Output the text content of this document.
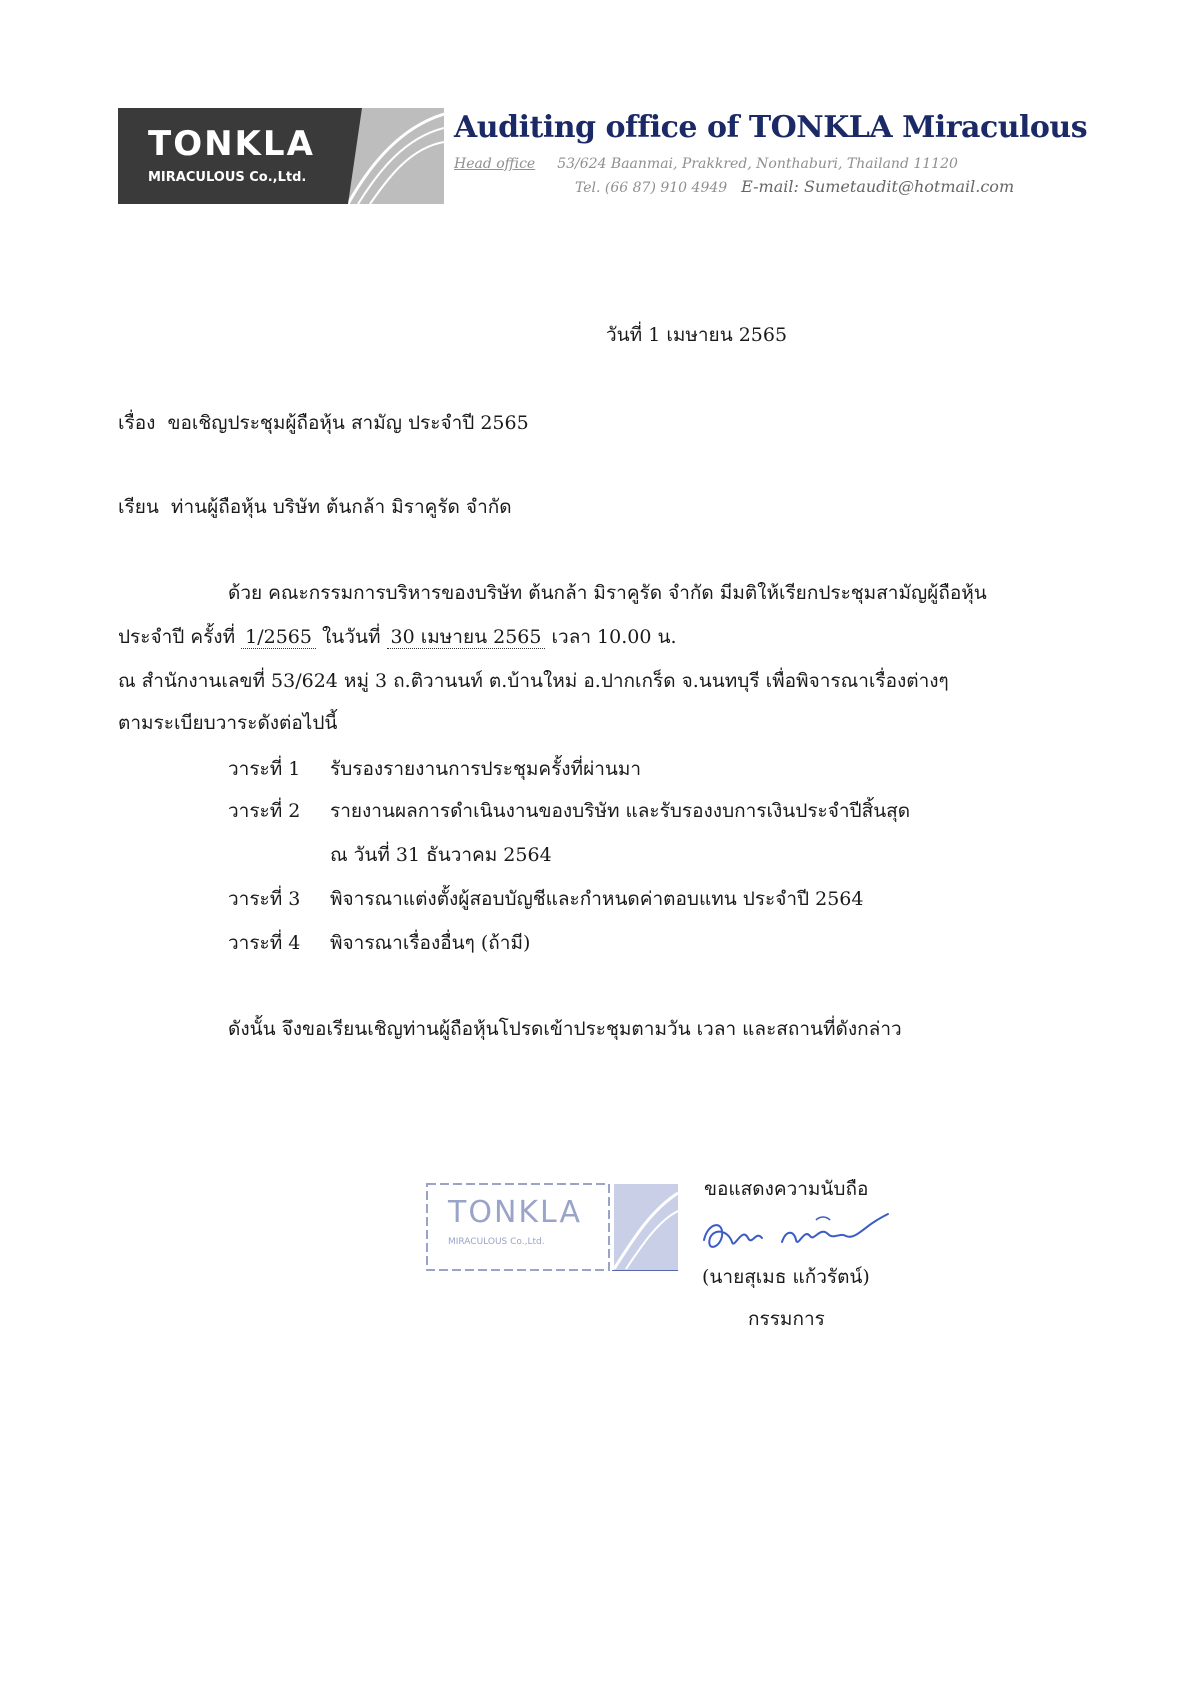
TONKLA
MIRACULOUS Co.,Ltd.
Auditing office of TONKLA Miraculous
Head office 53/624 Baanmai, Prakkred, Nonthaburi, Thailand 11120
Tel. (66 87) 910 4949 E-mail: Sumetaudit@hotmail.com
วันที่ 1 เมษายน 2565
เรื่อง ขอเชิญประชุมผู้ถือหุ้น สามัญ ประจำปี 2565
เรียน ท่านผู้ถือหุ้น บริษัท ต้นกล้า มิราคูรัด จำกัด
ด้วย คณะกรรมการบริหารของบริษัท ต้นกล้า มิราคูรัด จำกัด มีมติให้เรียกประชุมสามัญผู้ถือหุ้น
ประจำปี ครั้งที่ 1/2565 ในวันที่ 30 เมษายน 2565 เวลา 10.00 น.
ณ สำนักงานเลขที่ 53/624 หมู่ 3 ถ.ติวานนท์ ต.บ้านใหม่ อ.ปากเกร็ด จ.นนทบุรี เพื่อพิจารณาเรื่องต่างๆ
ตามระเบียบวาระดังต่อไปนี้
วาระที่ 1 รับรองรายงานการประชุมครั้งที่ผ่านมา
วาระที่ 2 รายงานผลการดำเนินงานของบริษัท และรับรองงบการเงินประจำปีสิ้นสุด
ณ วันที่ 31 ธันวาคม 2564
วาระที่ 3 พิจารณาแต่งตั้งผู้สอบบัญชีและกำหนดค่าตอบแทน ประจำปี 2564
วาระที่ 4 พิจารณาเรื่องอื่นๆ (ถ้ามี)
ดังนั้น จึงขอเรียนเชิญท่านผู้ถือหุ้นโปรดเข้าประชุมตามวัน เวลา และสถานที่ดังกล่าว
TONKLA
MIRACULOUS Co.,Ltd.
ขอแสดงความนับถือ
(นายสุเมธ แก้วรัตน์)
กรรมการ
